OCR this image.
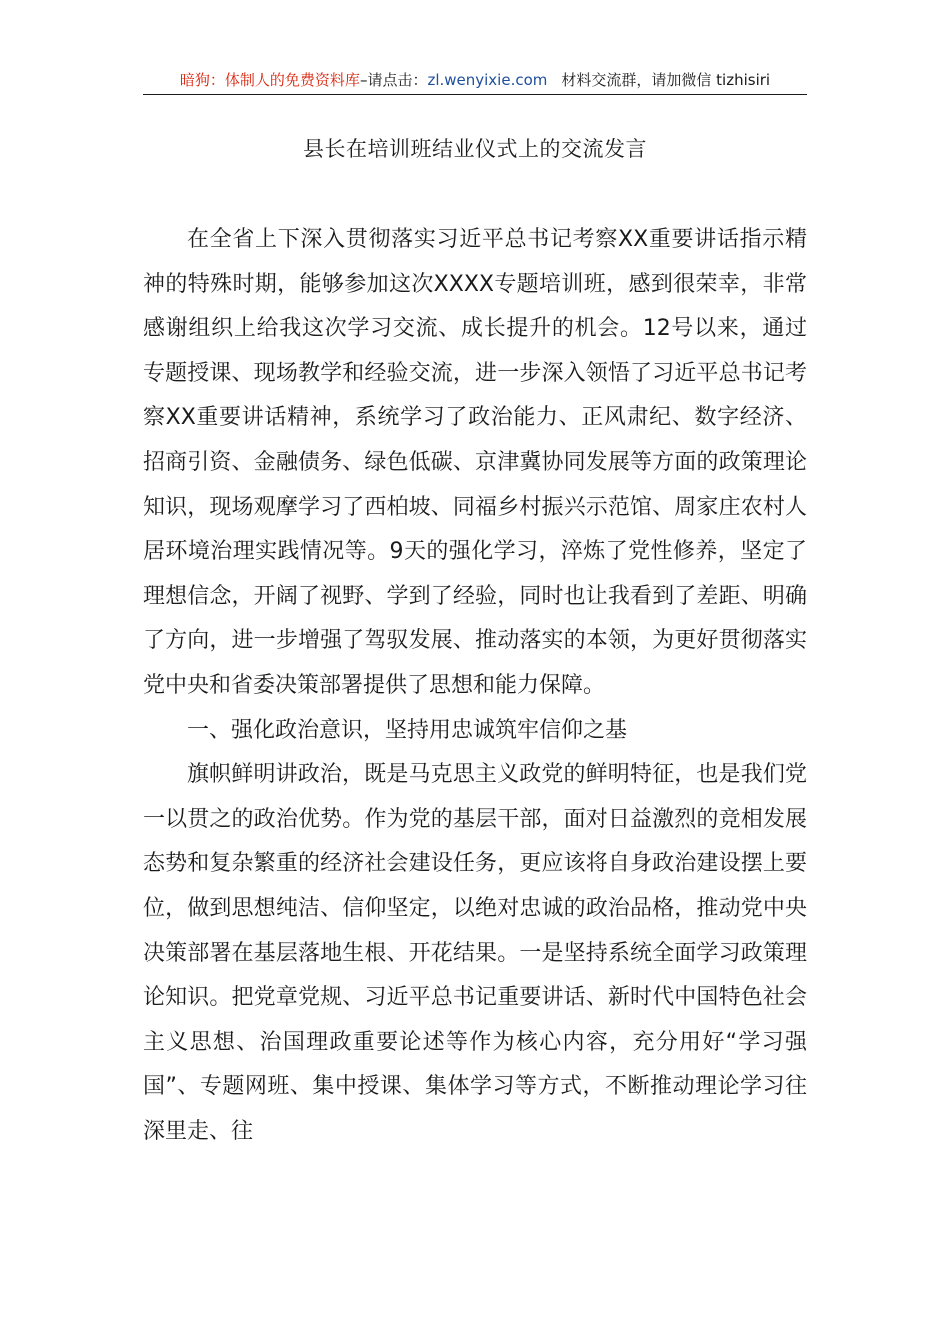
暗狗：体制人的免费资料库–请点击：zl.wenyixie.com 材料交流群，请加微信 tizhisiri
县长在培训班结业仪式上的交流发言

在全省上下深入贯彻落实习近平总书记考察XX重要讲话指示精神的特殊时期，能够参加这次XXXX专题培训班，感到很荣幸，非常感谢组织上给我这次学习交流、成长提升的机会。12号以来，通过专题授课、现场教学和经验交流，进一步深入领悟了习近平总书记考察XX重要讲话精神，系统学习了政治能力、正风肃纪、数字经济、招商引资、金融债务、绿色低碳、京津冀协同发展等方面的政策理论知识，现场观摩学习了西柏坡、同福乡村振兴示范馆、周家庄农村人居环境治理实践情况等。9天的强化学习，淬炼了党性修养，坚定了理想信念，开阔了视野、学到了经验，同时也让我看到了差距、明确了方向，进一步增强了驾驭发展、推动落实的本领，为更好贯彻落实党中央和省委决策部署提供了思想和能力保障。

一、强化政治意识，坚持用忠诚筑牢信仰之基

旗帜鲜明讲政治，既是马克思主义政党的鲜明特征，也是我们党一以贯之的政治优势。作为党的基层干部，面对日益激烈的竞相发展态势和复杂繁重的经济社会建设任务，更应该将自身政治建设摆上要位，做到思想纯洁、信仰坚定，以绝对忠诚的政治品格，推动党中央决策部署在基层落地生根、开花结果。一是坚持系统全面学习政策理论知识。把党章党规、习近平总书记重要讲话、新时代中国特色社会主义思想、治国理政重要论述等作为核心内容，充分用好“学习强国”、专题网班、集中授课、集体学习等方式，不断推动理论学习往深里走、往
